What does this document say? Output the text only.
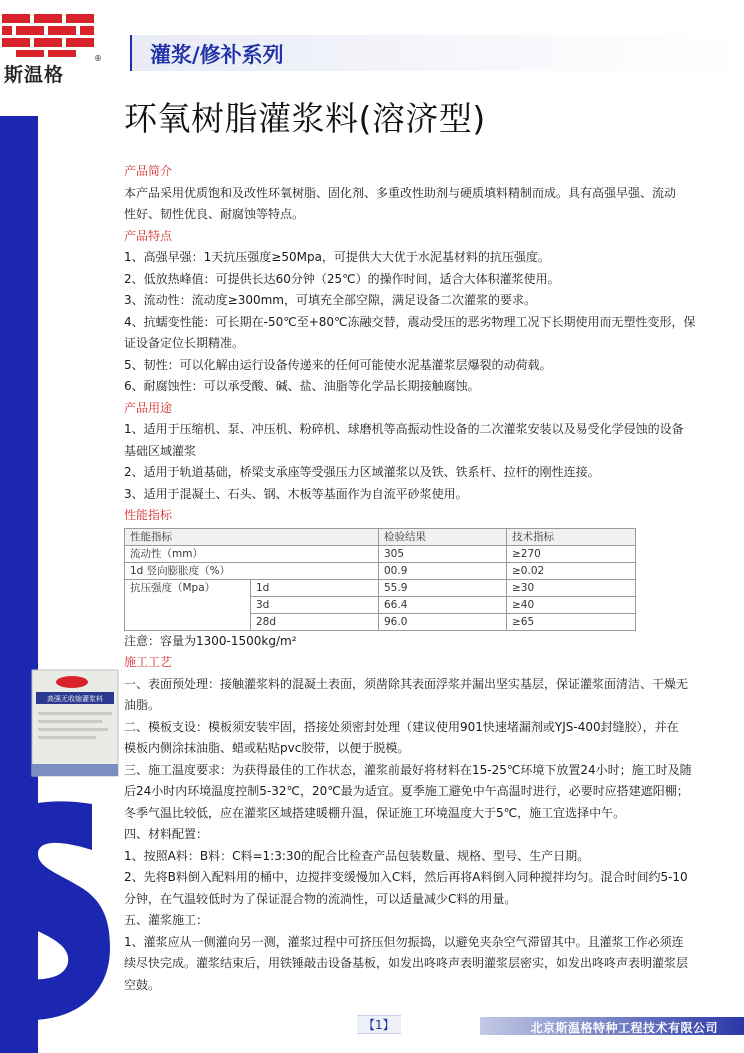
斯温格
® 灌浆/修补系列
环氧树脂灌浆料(溶济型)
高强无收缩灌浆料

产品简介

本产品采用优质饱和及改性环氧树脂、固化剂、多重改性助剂与硬质填料精制而成。具有高强早强、流动

性好、韧性优良、耐腐蚀等特点。

产品特点

1、高强早强：1天抗压强度≥50Mpa，可提供大大优于水泥基材料的抗压强度。

2、低放热峰值：可提供长达60分钟（25℃）的操作时间，适合大体积灌浆使用。

3、流动性：流动度≥300mm，可填充全部空隙，满足设备二次灌浆的要求。

4、抗蠕变性能：可长期在-50℃至+80℃冻融交替，震动受压的恶劣物理工况下长期使用而无塑性变形，保

证设备定位长期精准。

5、韧性：可以化解由运行设备传递来的任何可能使水泥基灌浆层爆裂的动荷载。

6、耐腐蚀性：可以承受酸、碱、盐、油脂等化学品长期接触腐蚀。

产品用途

1、适用于压缩机、泵、冲压机、粉碎机、球磨机等高振动性设备的二次灌浆安装以及易受化学侵蚀的设备

基础区域灌浆

2、适用于轨道基础，桥梁支承座等受强压力区域灌浆以及铁、铁系杆、拉杆的刚性连接。

3、适用于混凝土、石头、钢、木板等基面作为自流平砂浆使用。

性能指标

性能指标		检验结果	技术指标
流动性（mm）		305	≥270
1d 竖向膨胀度（%）		00.9	≥0.02
抗压强度（Mpa）	1d	55.9	≥30
	3d	66.4	≥40
	28d	96.0	≥65

注意：容量为1300-1500kg/m²

施工工艺

一、表面预处理：接触灌浆料的混凝土表面，须凿除其表面浮浆并漏出坚实基层，保证灌浆面清洁、干燥无

油脂。

二、模板支设：模板须安装牢固，搭接处须密封处理（建议使用901快速堵漏剂或YJS-400封缝胶），并在

模板内侧涂抹油脂、蜡或粘贴pvc胶带，以便于脱模。

三、施工温度要求：为获得最佳的工作状态，灌浆前最好将材料在15-25℃环境下放置24小时；施工时及随

后24小时内环境温度控制5-32℃，20℃最为适宜。夏季施工避免中午高温时进行，必要时应搭建遮阳棚；

冬季气温比较低，应在灌浆区域搭建暖棚升温，保证施工环境温度大于5℃，施工宜选择中午。

四、材料配置：

1、按照A料：B料：C料=1:3:30的配合比检查产品包装数量、规格、型号、生产日期。

2、先将B料倒入配料用的桶中，边搅拌变缓慢加入C料，然后再将A料倒入同种搅拌均匀。混合时间约5-10

分钟，在气温较低时为了保证混合物的流淌性，可以适量减少C料的用量。

五、灌浆施工：

1、灌浆应从一侧灌向另一测，灌浆过程中可挤压但勿振捣，以避免夹杂空气滞留其中。且灌浆工作必须连

续尽快完成。灌浆结束后，用铁锤敲击设备基板，如发出咚咚声表明灌浆层密实，如发出咚咚声表明灌浆层

空鼓。

【1】	北京斯温格特种工程技术有限公司
